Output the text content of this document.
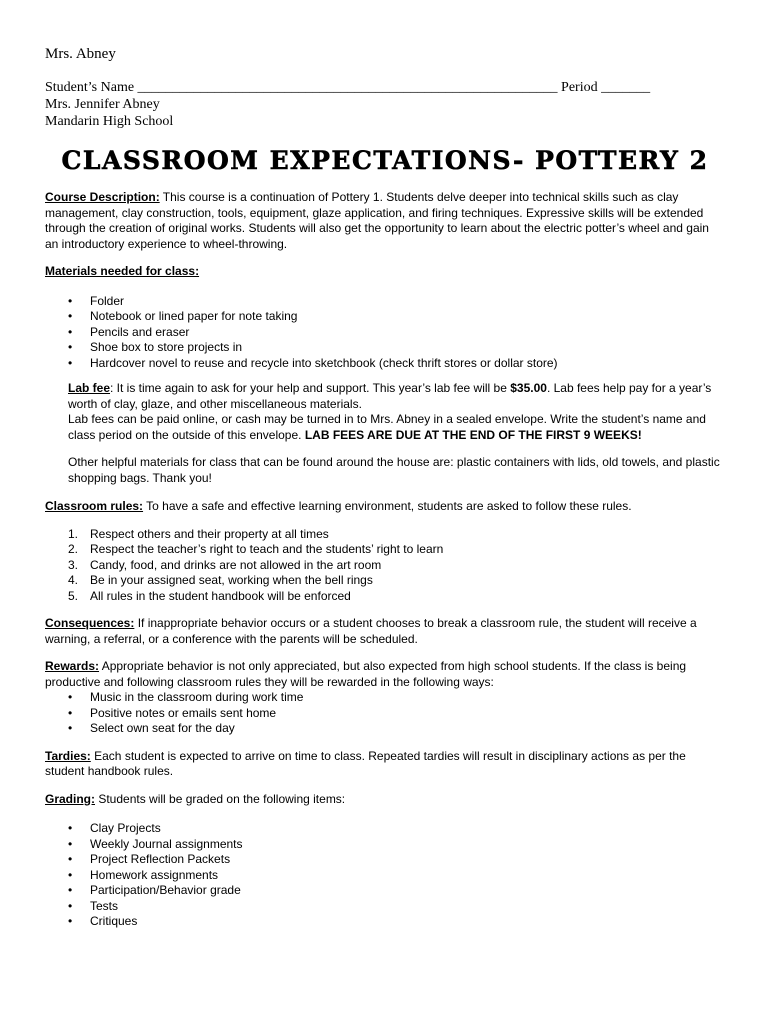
Mrs. Abney
Student’s Name ____________________________________________________________ Period _______
Mrs. Jennifer Abney
Mandarin High School
CLASSROOM EXPECTATIONS- POTTERY 2

Course Description: This course is a continuation of Pottery 1. Students delve deeper into technical skills such as clay management, clay construction, tools, equipment, glaze application, and firing techniques. Expressive skills will be extended through the creation of original works. Students will also get the opportunity to learn about the electric potter’s wheel and gain an introductory experience to wheel-throwing.

Materials needed for class:

• Folder
• Notebook or lined paper for note taking
• Pencils and eraser
• Shoe box to store projects in
• Hardcover novel to reuse and recycle into sketchbook (check thrift stores or dollar store)

Lab fee: It is time again to ask for your help and support. This year’s lab fee will be $35.00. Lab fees help pay for a year’s worth of clay, glaze, and other miscellaneous materials.

Lab fees can be paid online, or cash may be turned in to Mrs. Abney in a sealed envelope. Write the student’s name and class period on the outside of this envelope. LAB FEES ARE DUE AT THE END OF THE FIRST 9 WEEKS!

Other helpful materials for class that can be found around the house are: plastic containers with lids, old towels, and plastic shopping bags. Thank you!

Classroom rules: To have a safe and effective learning environment, students are asked to follow these rules.

1. Respect others and their property at all times
2. Respect the teacher’s right to teach and the students’ right to learn
3. Candy, food, and drinks are not allowed in the art room
4. Be in your assigned seat, working when the bell rings
5. All rules in the student handbook will be enforced

Consequences: If inappropriate behavior occurs or a student chooses to break a classroom rule, the student will receive a warning, a referral, or a conference with the parents will be scheduled.

Rewards: Appropriate behavior is not only appreciated, but also expected from high school students. If the class is being productive and following classroom rules they will be rewarded in the following ways:

• Music in the classroom during work time
• Positive notes or emails sent home
• Select own seat for the day

Tardies: Each student is expected to arrive on time to class. Repeated tardies will result in disciplinary actions as per the student handbook rules.

Grading: Students will be graded on the following items:

• Clay Projects
• Weekly Journal assignments
• Project Reflection Packets
• Homework assignments
• Participation/Behavior grade
• Tests
• Critiques
